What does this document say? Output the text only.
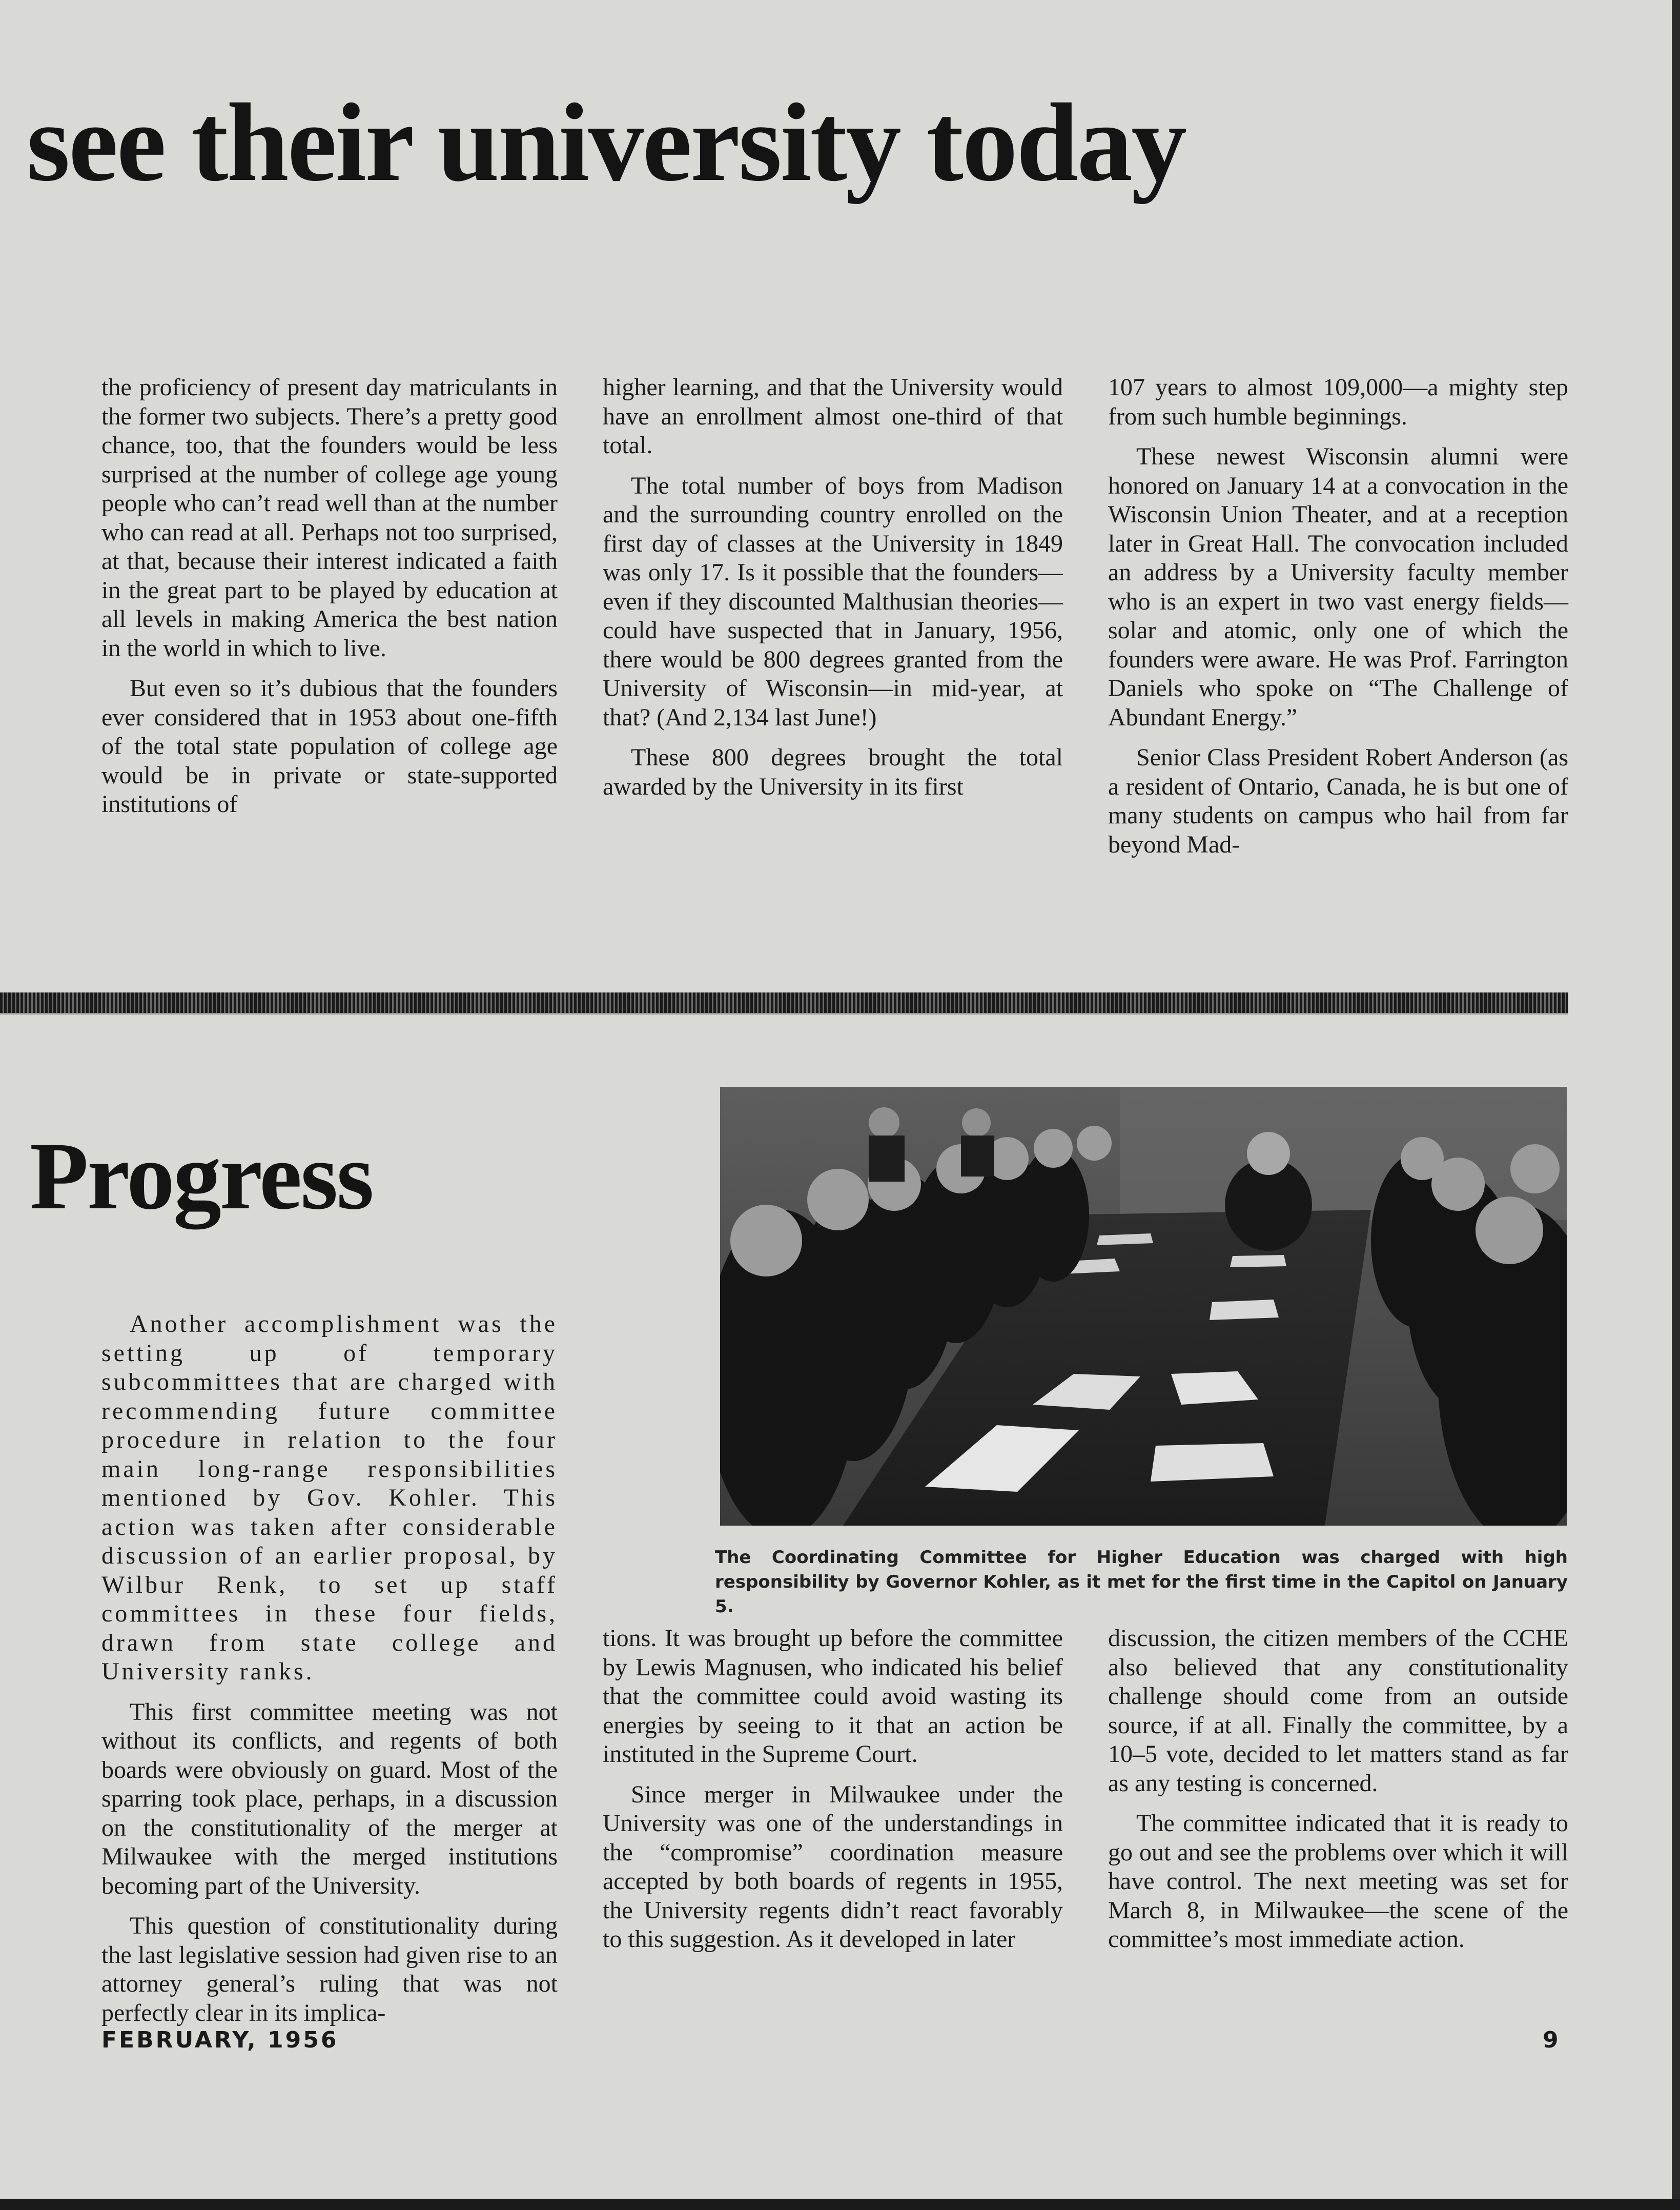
see their university today

the proficiency of present day matriculants in the former two subjects. There’s a pretty good chance, too, that the founders would be less surprised at the number of college age young people who can’t read well than at the number who can read at all. Perhaps not too surprised, at that, because their interest indicated a faith in the great part to be played by education at all levels in making America the best nation in the world in which to live.

But even so it’s dubious that the founders ever considered that in 1953 about one-fifth of the total state population of college age would be in private or state-supported institutions of

higher learning, and that the University would have an enrollment almost one-third of that total.

The total number of boys from Madison and the surrounding country enrolled on the first day of classes at the University in 1849 was only 17. Is it possible that the founders—even if they discounted Malthusian theories—could have suspected that in January, 1956, there would be 800 degrees granted from the University of Wisconsin—in mid-year, at that? (And 2,134 last June!)

These 800 degrees brought the total awarded by the University in its first

107 years to almost 109,000—a mighty step from such humble beginnings.

These newest Wisconsin alumni were honored on January 14 at a convocation in the Wisconsin Union Theater, and at a reception later in Great Hall. The convocation included an address by a University faculty member who is an expert in two vast energy fields—solar and atomic, only one of which the founders were aware. He was Prof. Farrington Daniels who spoke on “The Challenge of Abundant Energy.”

Senior Class President Robert Anderson (as a resident of Ontario, Canada, he is but one of many students on campus who hail from far beyond Mad-

Progress

The Coordinating Committee for Higher Education was charged with high responsibility by Governor Kohler, as it met for the first time in the Capitol on January 5.

Another accomplishment was the setting up of temporary subcommittees that are charged with recommending future committee procedure in relation to the four main long-range responsibilities mentioned by Gov. Kohler. This action was taken after considerable discussion of an earlier proposal, by Wilbur Renk, to set up staff committees in these four fields, drawn from state college and University ranks.

This first committee meeting was not without its conflicts, and regents of both boards were obviously on guard. Most of the sparring took place, perhaps, in a discussion on the constitutionality of the merger at Milwaukee with the merged institutions becoming part of the University.

This question of constitutionality during the last legislative session had given rise to an attorney general’s ruling that was not perfectly clear in its implica-

tions. It was brought up before the committee by Lewis Magnusen, who indicated his belief that the committee could avoid wasting its energies by seeing to it that an action be instituted in the Supreme Court.

Since merger in Milwaukee under the University was one of the understandings in the “compromise” coordination measure accepted by both boards of regents in 1955, the University regents didn’t react favorably to this suggestion. As it developed in later

discussion, the citizen members of the CCHE also believed that any constitutionality challenge should come from an outside source, if at all. Finally the committee, by a 10–5 vote, decided to let matters stand as far as any testing is concerned.

The committee indicated that it is ready to go out and see the problems over which it will have control. The next meeting was set for March 8, in Milwaukee—the scene of the committee’s most immediate action.

FEBRUARY, 1956	9
